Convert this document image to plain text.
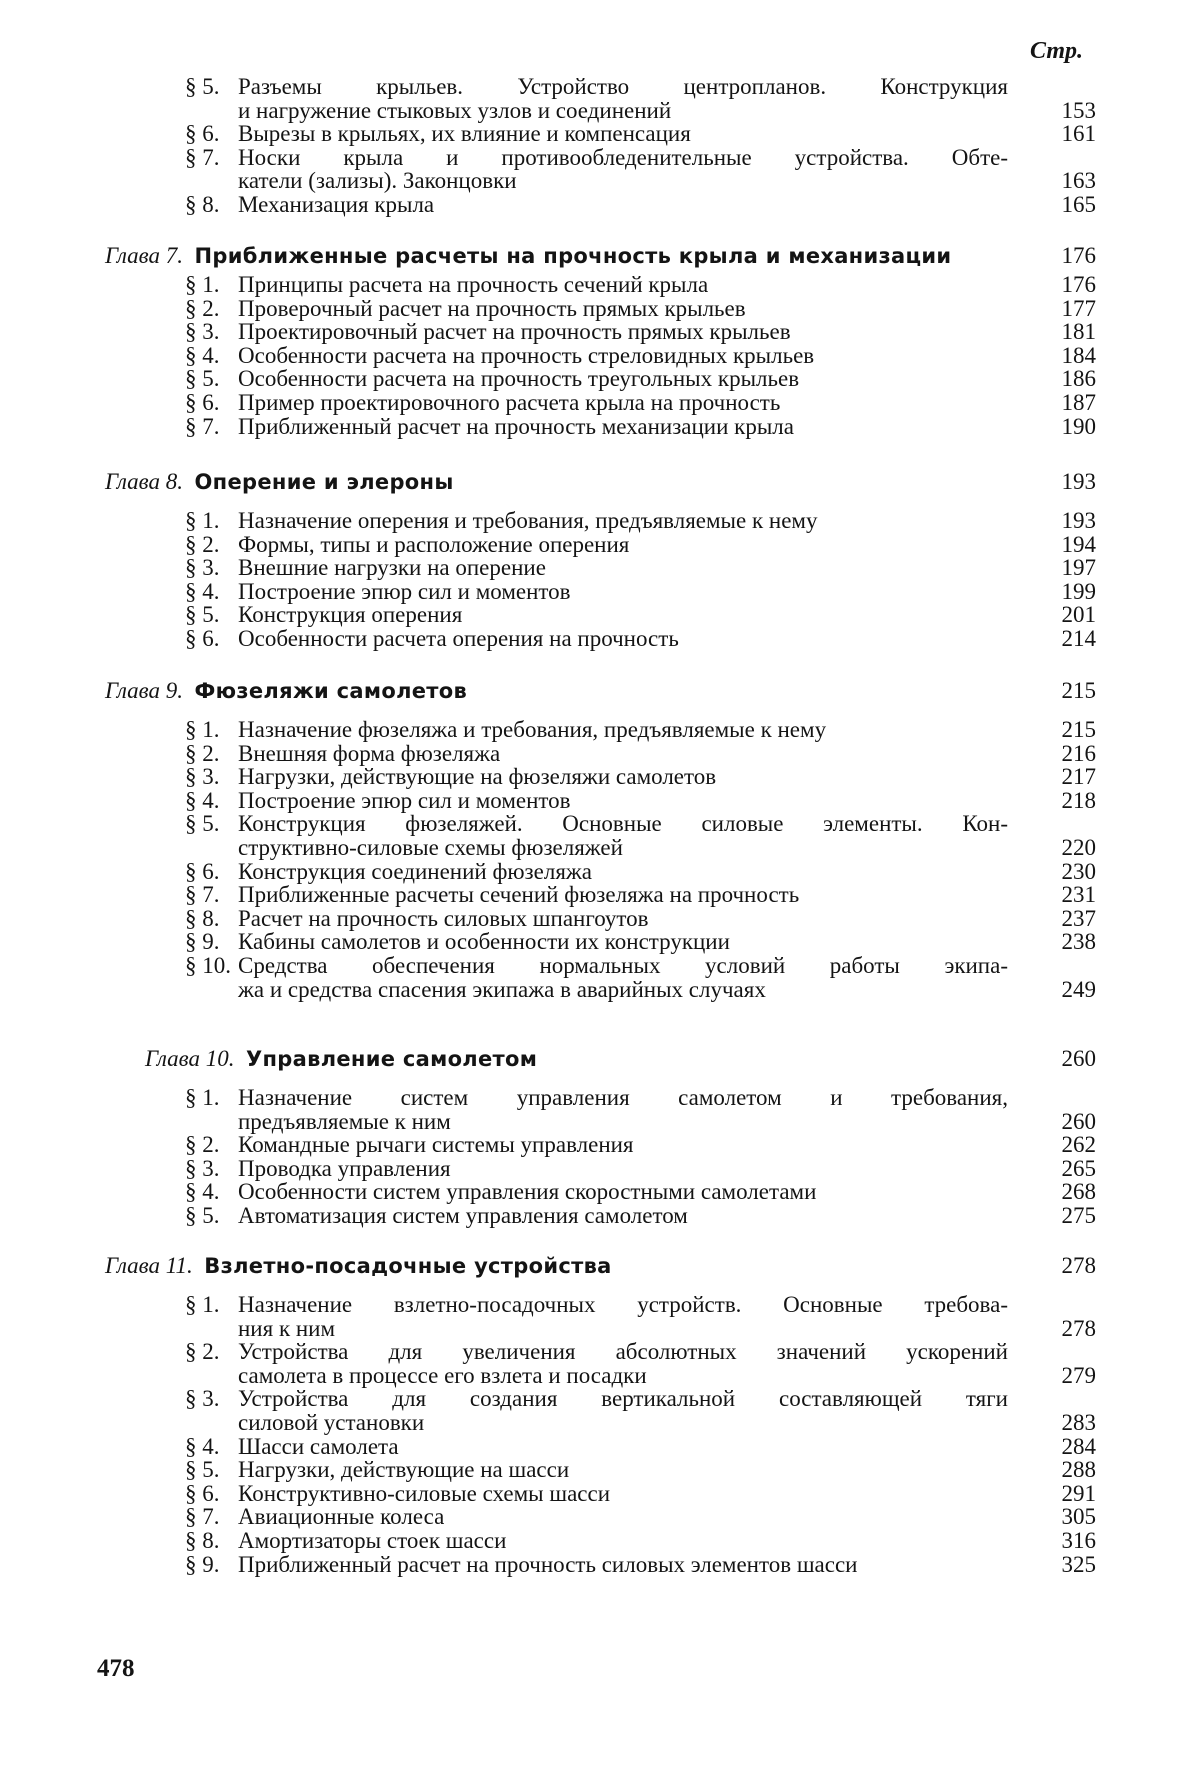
Стр.
§ 5. Разъемы крыльев. Устройство центропланов. Конструкция
и нагружение стыковых узлов и соединений	153
§ 6. Вырезы в крыльях, их влияние и компенсация	161
§ 7. Носки крыла и противообледенительные устройства. Обте-
катели (зализы). Законцовки	163
§ 8. Механизация крыла	165
Глава 7. Приближенные расчеты на прочность крыла и механизации	176
§ 1. Принципы расчета на прочность сечений крыла	176
§ 2. Проверочный расчет на прочность прямых крыльев	177
§ 3. Проектировочный расчет на прочность прямых крыльев	181
§ 4. Особенности расчета на прочность стреловидных крыльев	184
§ 5. Особенности расчета на прочность треугольных крыльев	186
§ 6. Пример проектировочного расчета крыла на прочность	187
§ 7. Приближенный расчет на прочность механизации крыла	190
Глава 8. Оперение и элероны	193
§ 1. Назначение оперения и требования, предъявляемые к нему	193
§ 2. Формы, типы и расположение оперения	194
§ 3. Внешние нагрузки на оперение	197
§ 4. Построение эпюр сил и моментов	199
§ 5. Конструкция оперения	201
§ 6. Особенности расчета оперения на прочность	214
Глава 9. Фюзеляжи самолетов	215
§ 1. Назначение фюзеляжа и требования, предъявляемые к нему	215
§ 2. Внешняя форма фюзеляжа	216
§ 3. Нагрузки, действующие на фюзеляжи самолетов	217
§ 4. Построение эпюр сил и моментов	218
§ 5. Конструкция фюзеляжей. Основные силовые элементы. Кон-
структивно-силовые схемы фюзеляжей	220
§ 6. Конструкция соединений фюзеляжа	230
§ 7. Приближенные расчеты сечений фюзеляжа на прочность	231
§ 8. Расчет на прочность силовых шпангоутов	237
§ 9. Кабины самолетов и особенности их конструкции	238
§ 10. Средства обеспечения нормальных условий работы экипа-
жа и средства спасения экипажа в аварийных случаях	249
Глава 10. Управление самолетом	260
§ 1. Назначение систем управления самолетом и требования,
предъявляемые к ним	260
§ 2. Командные рычаги системы управления	262
§ 3. Проводка управления	265
§ 4. Особенности систем управления скоростными самолетами	268
§ 5. Автоматизация систем управления самолетом	275
Глава 11. Взлетно-посадочные устройства	278
§ 1. Назначение взлетно-посадочных устройств. Основные требова-
ния к ним	278
§ 2. Устройства для увеличения абсолютных значений ускорений
самолета в процессе его взлета и посадки	279
§ 3. Устройства для создания вертикальной составляющей тяги
силовой установки	283
§ 4. Шасси самолета	284
§ 5. Нагрузки, действующие на шасси	288
§ 6. Конструктивно-силовые схемы шасси	291
§ 7. Авиационные колеса	305
§ 8. Амортизаторы стоек шасси	316
§ 9. Приближенный расчет на прочность силовых элементов шасси	325
478
